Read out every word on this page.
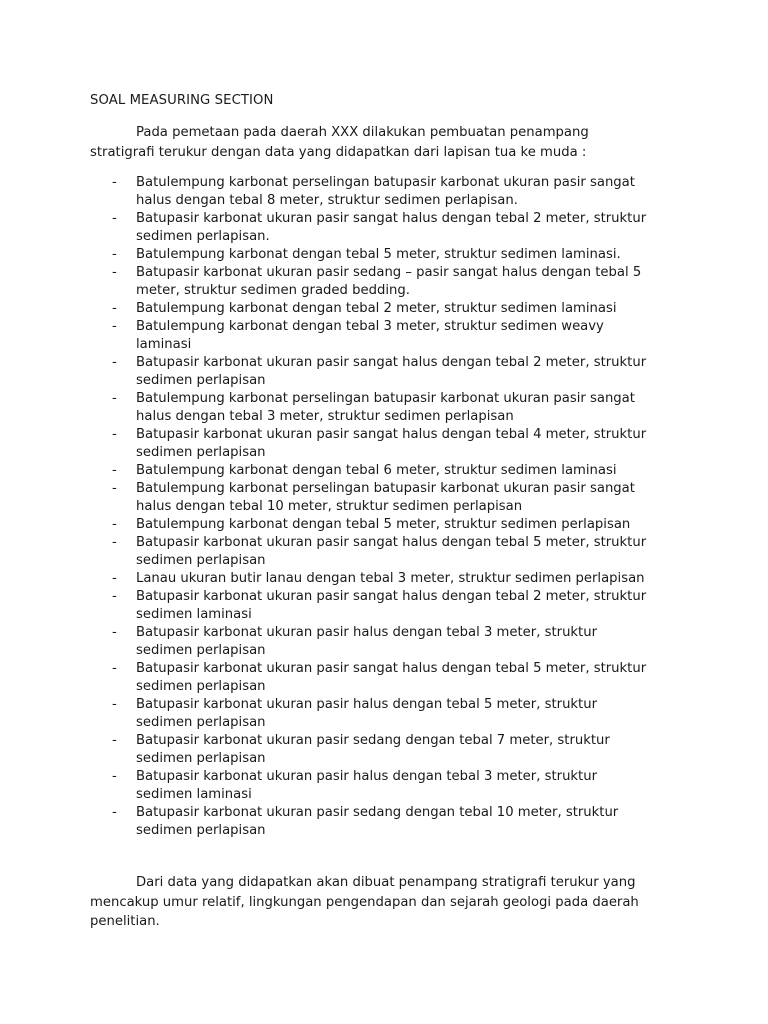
SOAL MEASURING SECTION

Pada pemetaan pada daerah XXX dilakukan pembuatan penampang
stratigrafi terukur dengan data yang didapatkan dari lapisan tua ke muda :

- Batulempung karbonat perselingan batupasir karbonat ukuran pasir sangat
halus dengan tebal 8 meter, struktur sedimen perlapisan.
- Batupasir karbonat ukuran pasir sangat halus dengan tebal 2 meter, struktur
sedimen perlapisan.
- Batulempung karbonat dengan tebal 5 meter, struktur sedimen laminasi.
- Batupasir karbonat ukuran pasir sedang – pasir sangat halus dengan tebal 5
meter, struktur sedimen graded bedding.
- Batulempung karbonat dengan tebal 2 meter, struktur sedimen laminasi
- Batulempung karbonat dengan tebal 3 meter, struktur sedimen weavy
laminasi
- Batupasir karbonat ukuran pasir sangat halus dengan tebal 2 meter, struktur
sedimen perlapisan
- Batulempung karbonat perselingan batupasir karbonat ukuran pasir sangat
halus dengan tebal 3 meter, struktur sedimen perlapisan
- Batupasir karbonat ukuran pasir sangat halus dengan tebal 4 meter, struktur
sedimen perlapisan
- Batulempung karbonat dengan tebal 6 meter, struktur sedimen laminasi
- Batulempung karbonat perselingan batupasir karbonat ukuran pasir sangat
halus dengan tebal 10 meter, struktur sedimen perlapisan
- Batulempung karbonat dengan tebal 5 meter, struktur sedimen perlapisan
- Batupasir karbonat ukuran pasir sangat halus dengan tebal 5 meter, struktur
sedimen perlapisan
- Lanau ukuran butir lanau dengan tebal 3 meter, struktur sedimen perlapisan
- Batupasir karbonat ukuran pasir sangat halus dengan tebal 2 meter, struktur
sedimen laminasi
- Batupasir karbonat ukuran pasir halus dengan tebal 3 meter, struktur
sedimen perlapisan
- Batupasir karbonat ukuran pasir sangat halus dengan tebal 5 meter, struktur
sedimen perlapisan
- Batupasir karbonat ukuran pasir halus dengan tebal 5 meter, struktur
sedimen perlapisan
- Batupasir karbonat ukuran pasir sedang dengan tebal 7 meter, struktur
sedimen perlapisan
- Batupasir karbonat ukuran pasir halus dengan tebal 3 meter, struktur
sedimen laminasi
- Batupasir karbonat ukuran pasir sedang dengan tebal 10 meter, struktur
sedimen perlapisan

Dari data yang didapatkan akan dibuat penampang stratigrafi terukur yang
mencakup umur relatif, lingkungan pengendapan dan sejarah geologi pada daerah
penelitian.
